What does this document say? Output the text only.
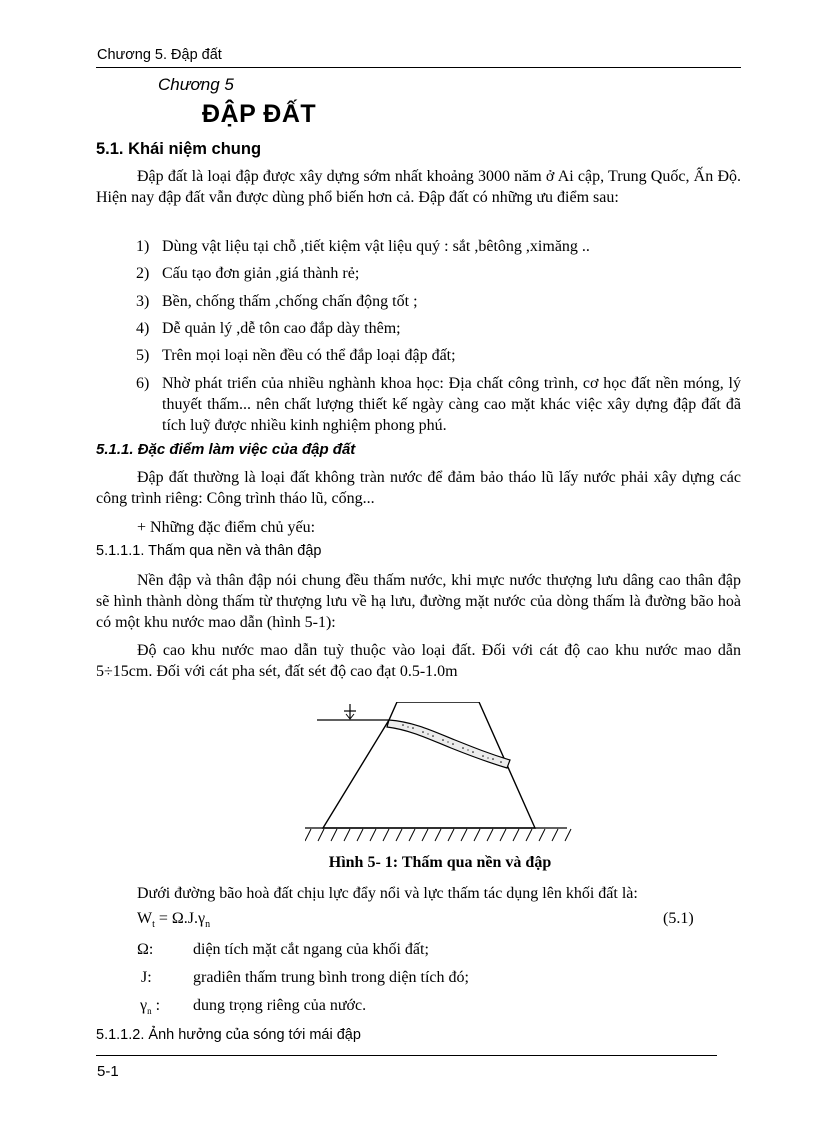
Chương 5. Đập đất
Chương 5
ĐẬP ĐẤT
5.1. Khái niệm chung
Đập đất là loại đập được xây dựng sớm nhất khoảng 3000 năm ở Ai cập, Trung Quốc, Ấn Độ. Hiện nay đập đất vẫn được dùng phổ biến hơn cả. Đập đất có những ưu điểm sau:
1) Dùng vật liệu tại chỗ ,tiết kiệm vật liệu quý : sắt ,bêtông ,ximăng ..
2) Cấu tạo đơn giản ,giá thành rẻ;
3) Bền, chống thấm ,chống chấn động tốt ;
4) Dễ quản lý ,dễ tôn cao đắp dày thêm;
5) Trên mọi loại nền đều có thể đắp loại đập đất;
6) Nhờ phát triển của nhiều nghành khoa học: Địa chất công trình, cơ học đất nền móng, lý thuyết thấm... nên chất lượng thiết kế ngày càng cao mặt khác việc xây dựng đập đất đã tích luỹ được nhiều kinh nghiệm phong phú.
5.1.1. Đặc điểm làm việc của đập đất
Đập đất thường là loại đất không tràn nước để đảm bảo tháo lũ lấy nước phải xây dựng các công trình riêng: Công trình tháo lũ, cống...
+ Những đặc điểm chủ yếu:
5.1.1.1. Thấm qua nền và thân đập
Nền đập và thân đập nói chung đều thấm nước, khi mực nước thượng lưu dâng cao thân đập sẽ hình thành dòng thấm từ thượng lưu về hạ lưu, đường mặt nước của dòng thấm là đường bão hoà có một khu nước mao dẫn (hình 5-1):
Độ cao khu nước mao dẫn tuỳ thuộc vào loại đất. Đối với cát độ cao khu nước mao dẫn 5÷15cm. Đối với cát pha sét, đất sét độ cao đạt 0.5-1.0m
Hình 5- 1: Thấm qua nền và đập
Dưới đường bão hoà đất chịu lực đẩy nổi và lực thấm tác dụng lên khối đất là:
$W_t = \Omega.J.\gamma_n$	(5.1)
Ω: diện tích mặt cắt ngang của khối đất;
J:	gradiên thấm trung bình trong diện tích đó;
$\gamma_n$ : dung trọng riêng của nước.
5.1.1.2. Ảnh hưởng của sóng tới mái đập
5-1
